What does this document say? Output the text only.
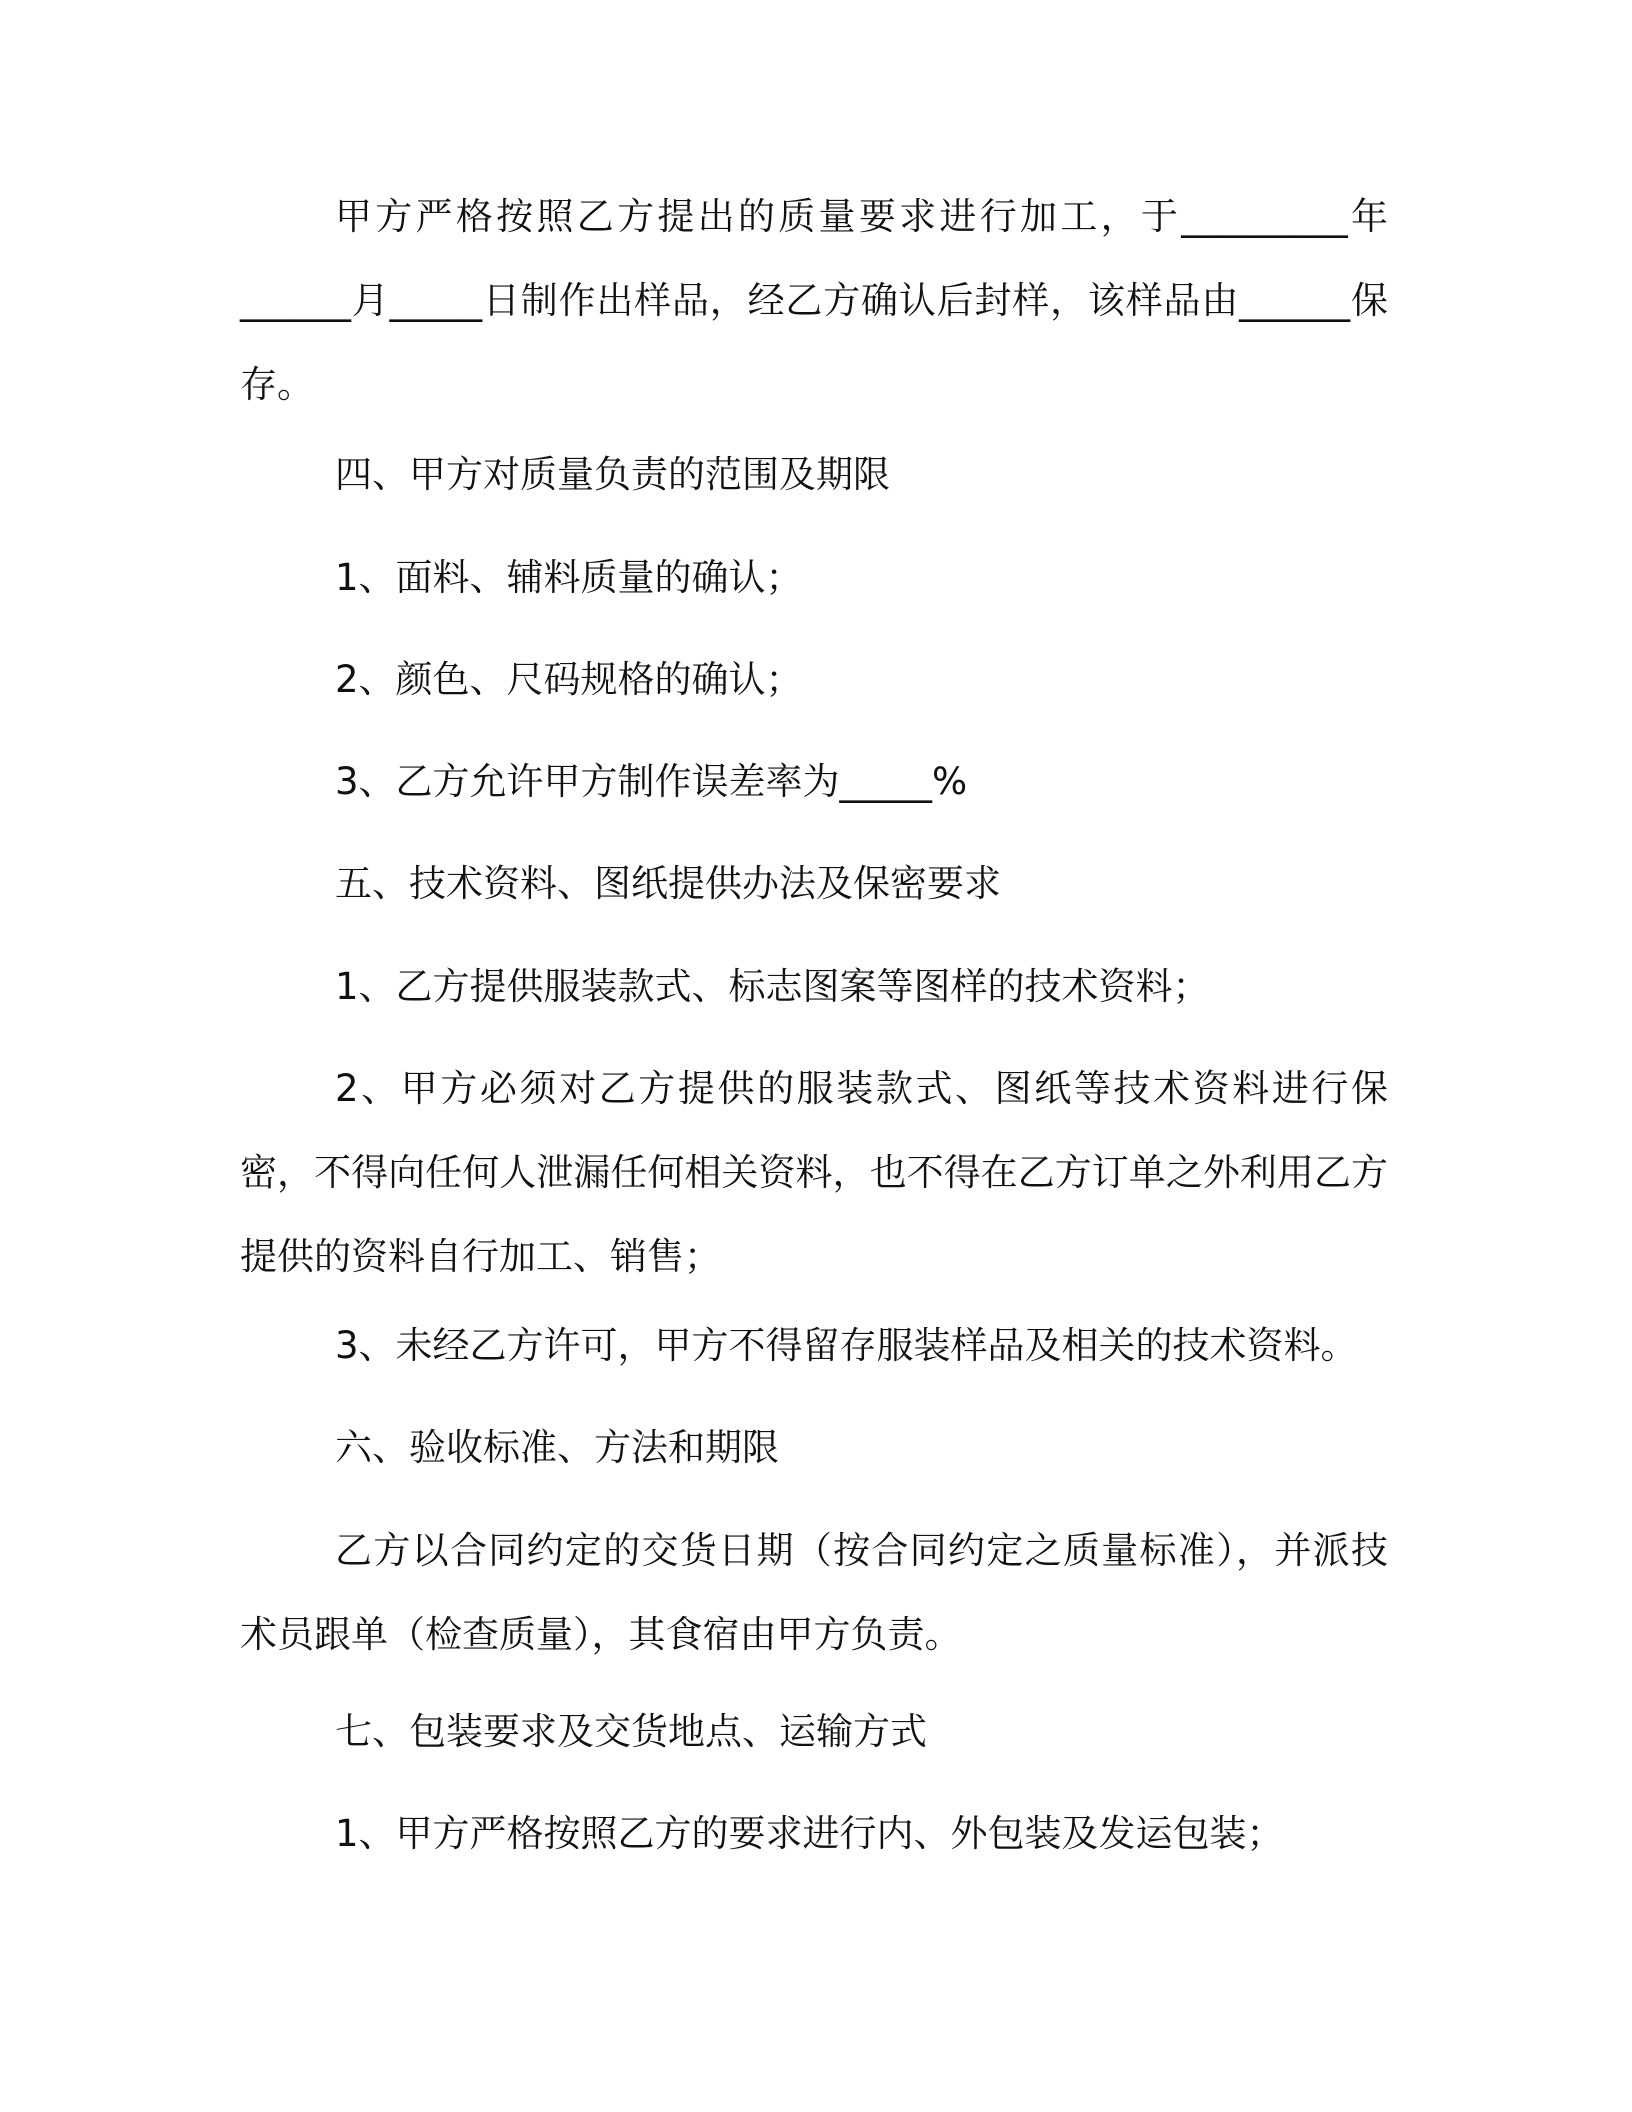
甲方严格按照乙方提出的质量要求进行加工，于_________年______月_____日制作出样品，经乙方确认后封样，该样品由______保存。

四、甲方对质量负责的范围及期限

1、面料、辅料质量的确认；

2、颜色、尺码规格的确认；

3、乙方允许甲方制作误差率为_____%

五、技术资料、图纸提供办法及保密要求

1、乙方提供服装款式、标志图案等图样的技术资料；

2、甲方必须对乙方提供的服装款式、图纸等技术资料进行保密，不得向任何人泄漏任何相关资料，也不得在乙方订单之外利用乙方提供的资料自行加工、销售；

3、未经乙方许可，甲方不得留存服装样品及相关的技术资料。

六、验收标准、方法和期限

乙方以合同约定的交货日期（按合同约定之质量标准），并派技术员跟单（检查质量），其食宿由甲方负责。

七、包装要求及交货地点、运输方式

1、甲方严格按照乙方的要求进行内、外包装及发运包装；
